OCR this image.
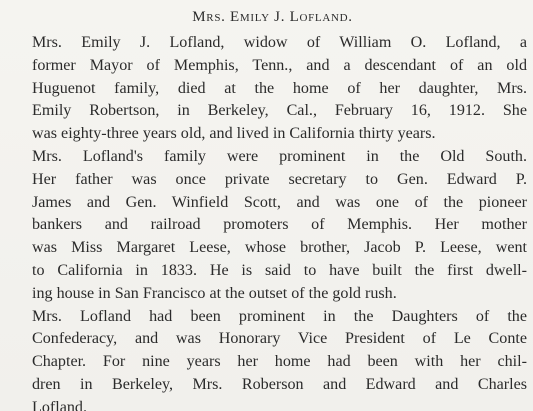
Mrs. Emily J. Lofland.
Mrs. Emily J. Lofland, widow of William O. Lofland, a
former Mayor of Memphis, Tenn., and a descendant of an old
Huguenot family, died at the home of her daughter, Mrs.
Emily Robertson, in Berkeley, Cal., February 16, 1912. She
was eighty-three years old, and lived in California thirty years.
Mrs. Lofland's family were prominent in the Old South.
Her father was once private secretary to Gen. Edward P.
James and Gen. Winfield Scott, and was one of the pioneer
bankers and railroad promoters of Memphis. Her mother
was Miss Margaret Leese, whose brother, Jacob P. Leese, went
to California in 1833. He is said to have built the first dwell-
ing house in San Francisco at the outset of the gold rush.
Mrs. Lofland had been prominent in the Daughters of the
Confederacy, and was Honorary Vice President of Le Conte
Chapter. For nine years her home had been with her chil-
dren in Berkeley, Mrs. Roberson and Edward and Charles
Lofland.
